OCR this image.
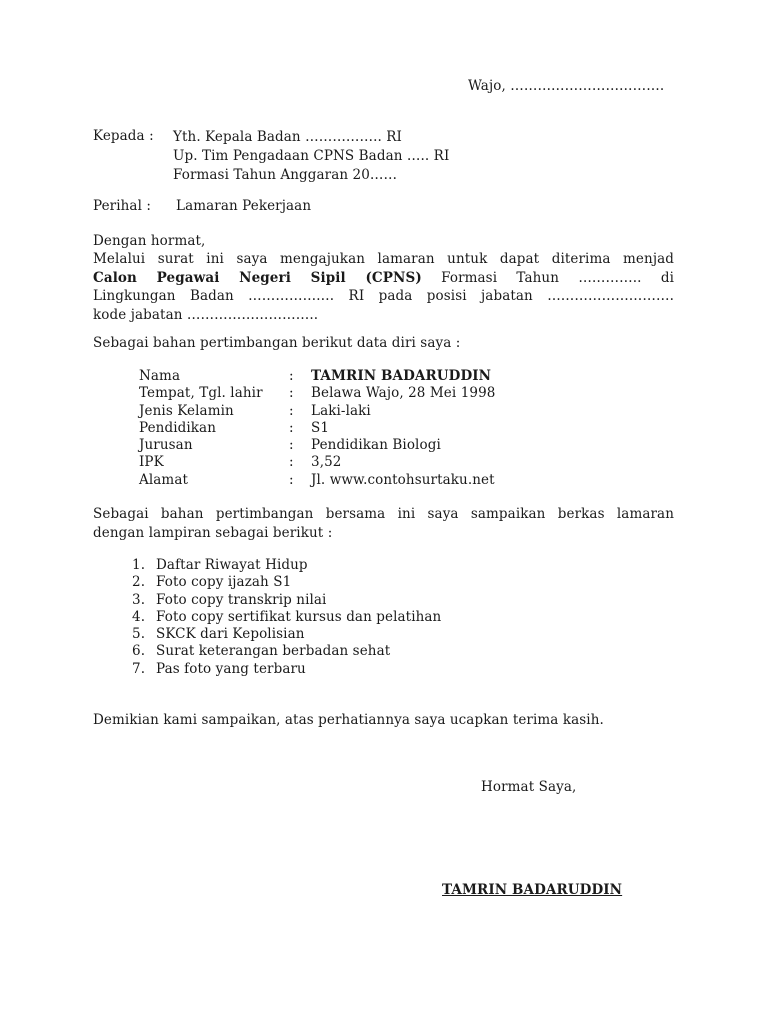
Wajo, …………………………….
Kepada : Yth. Kepala Badan …………….. RI
Up. Tim Pengadaan CPNS Badan ….. RI
Formasi Tahun Anggaran 20……
Perihal : Lamaran Pekerjaan
Dengan hormat,
Melalui surat ini saya mengajukan lamaran untuk dapat diterima menjad
Calon Pegawai Negeri Sipil (CPNS) Formasi Tahun ………….. di
Lingkungan Badan ………………. RI pada posisi jabatan ……………………….
kode jabatan ………………………..
Sebagai bahan pertimbangan berikut data diri saya :
Nama	:	TAMRIN BADARUDDIN
Tempat, Tgl. lahir	:	Belawa Wajo, 28 Mei 1998
Jenis Kelamin	:	Laki-laki
Pendidikan	:	S1
Jurusan	:	Pendidikan Biologi
IPK	:	3,52
Alamat	:	Jl. www.contohsurtaku.net
Sebagai bahan pertimbangan bersama ini saya sampaikan berkas lamaran
dengan lampiran sebagai berikut :
1. Daftar Riwayat Hidup
2. Foto copy ijazah S1
3. Foto copy transkrip nilai
4. Foto copy sertifikat kursus dan pelatihan
5. SKCK dari Kepolisian
6. Surat keterangan berbadan sehat
7. Pas foto yang terbaru
Demikian kami sampaikan, atas perhatiannya saya ucapkan terima kasih.
Hormat Saya,
TAMRIN BADARUDDIN
